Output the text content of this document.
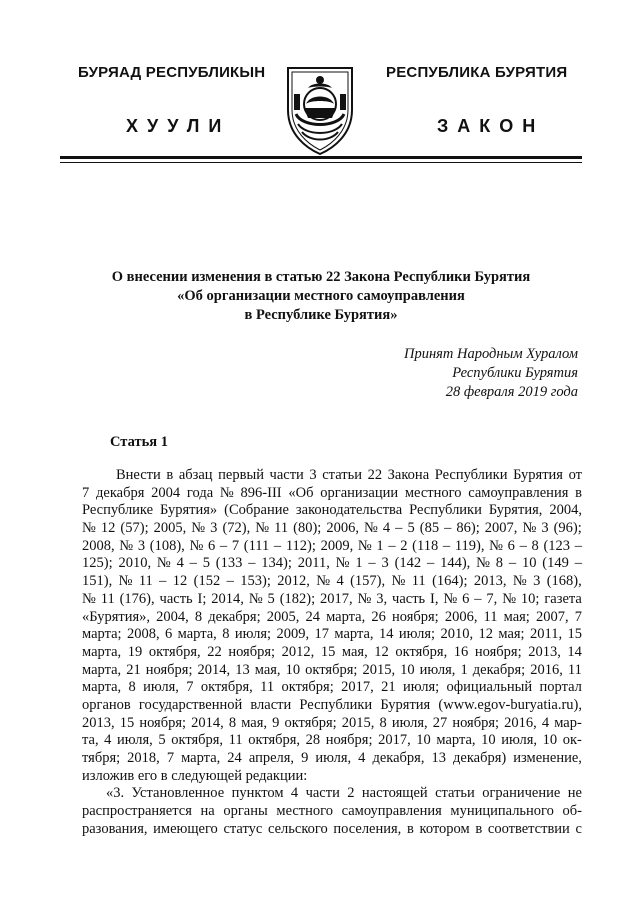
БУРЯАД РЕСПУБЛИКЫН	РЕСПУБЛИКА БУРЯТИЯ
ХУУЛИ	ЗАКОН
О внесении изменения в статью 22 Закона Республики Бурятия
«Об организации местного самоуправления
в Республике Бурятия»
Принят Народным Хуралом
Республики Бурятия
28 февраля 2019 года
Статья 1
Внести в абзац первый части 3 статьи 22 Закона Республики Бурятия от
7 декабря 2004 года № 896-III «Об организации местного самоуправления в
Республике Бурятия» (Собрание законодательства Республики Бурятия, 2004,
№ 12 (57); 2005, № 3 (72), № 11 (80); 2006, № 4 – 5 (85 – 86); 2007, № 3 (96);
2008, № 3 (108), № 6 – 7 (111 – 112); 2009, № 1 – 2 (118 – 119), № 6 – 8 (123 –
125); 2010, № 4 – 5 (133 – 134); 2011, № 1 – 3 (142 – 144), № 8 – 10 (149 –
151), № 11 – 12 (152 – 153); 2012, № 4 (157), № 11 (164); 2013, № 3 (168),
№ 11 (176), часть I; 2014, № 5 (182); 2017, № 3, часть I, № 6 – 7, № 10; газета
«Бурятия», 2004, 8 декабря; 2005, 24 марта, 26 ноября; 2006, 11 мая; 2007, 7
марта; 2008, 6 марта, 8 июля; 2009, 17 марта, 14 июля; 2010, 12 мая; 2011, 15
марта, 19 октября, 22 ноября; 2012, 15 мая, 12 октября, 16 ноября; 2013, 14
марта, 21 ноября; 2014, 13 мая, 10 октября; 2015, 10 июля, 1 декабря; 2016, 11
марта, 8 июля, 7 октября, 11 октября; 2017, 21 июля; официальный портал
органов государственной власти Республики Бурятия (www.egov-buryatia.ru),
2013, 15 ноября; 2014, 8 мая, 9 октября; 2015, 8 июля, 27 ноября; 2016, 4 мар-
та, 4 июля, 5 октября, 11 октября, 28 ноября; 2017, 10 марта, 10 июля, 10 ок-
тября; 2018, 7 марта, 24 апреля, 9 июля, 4 декабря, 13 декабря) изменение,
изложив его в следующей редакции:
«3. Установленное пунктом 4 части 2 настоящей статьи ограничение не
распространяется на органы местного самоуправления муниципального об-
разования, имеющего статус сельского поселения, в котором в соответствии с
